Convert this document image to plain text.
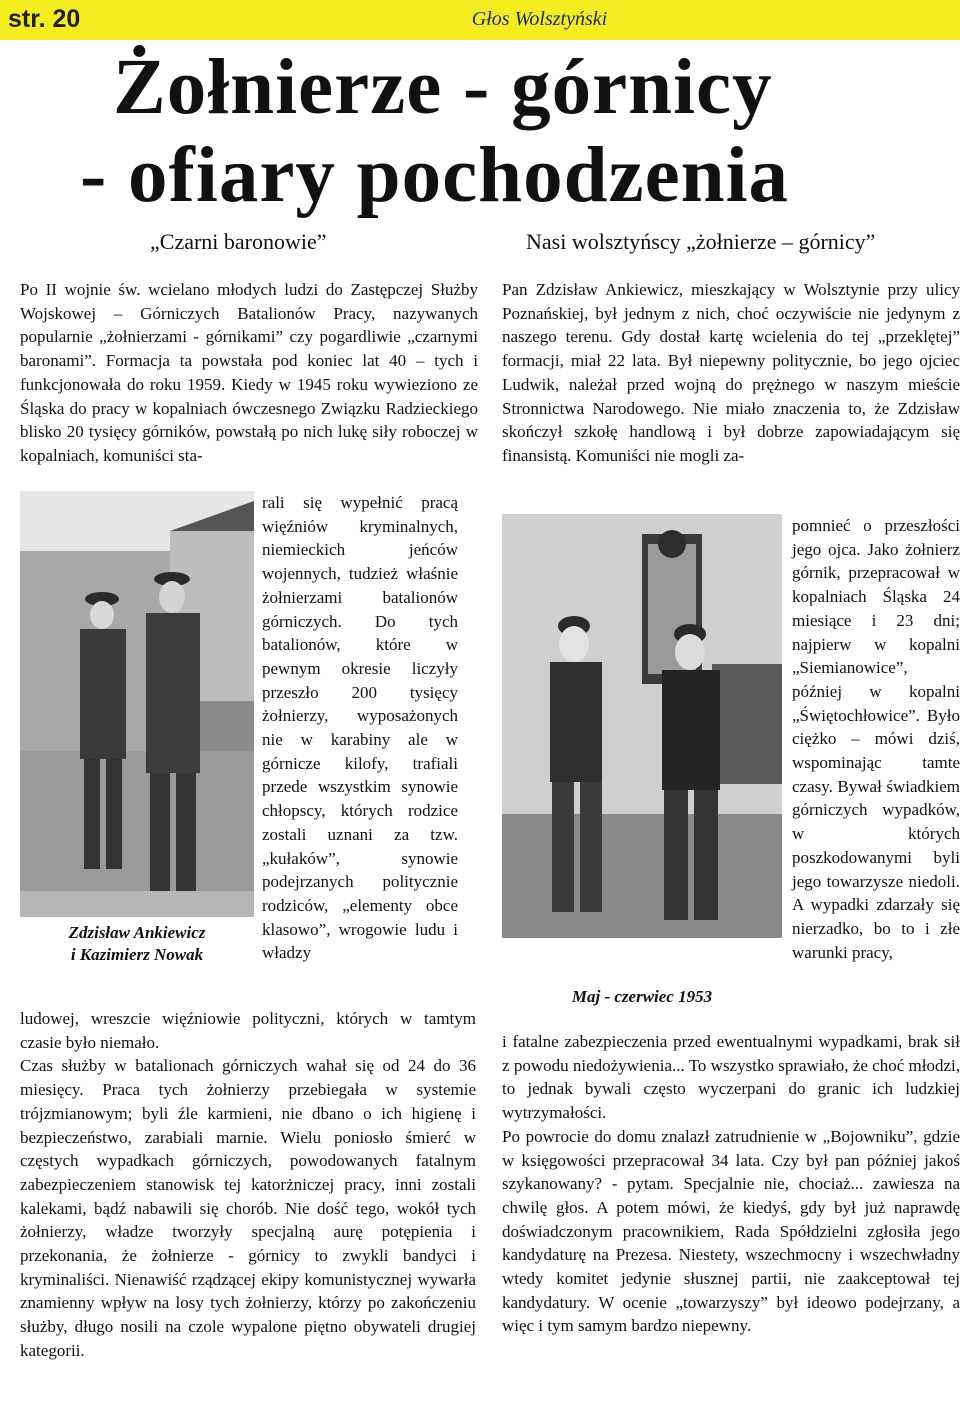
str. 20	Głos Wolsztyński
Żołnierze - górnicy
- ofiary pochodzenia
„Czarni baronowie”	Nasi wolsztyńscy „żołnierze – górnicy”

Po II wojnie św. wcielano młodych ludzi do Zastępczej Służby Wojskowej – Górniczych Batalionów Pracy, nazywanych popularnie „żołnierzami - górnikami” czy pogardliwie „czarnymi baronami”. Formacja ta powstała pod koniec lat 40 – tych i funkcjonowała do roku 1959. Kiedy w 1945 roku wywieziono ze Śląska do pracy w kopalniach ówczesnego Związku Radzieckiego blisko 20 tysięcy górników, powstałą po nich lukę siły roboczej w kopalniach, komuniści sta-

Zdzisław Ankiewicz
i Kazimierz Nowak

rali się wypełnić pracą więźniów kryminalnych, niemieckich jeńców wojennych, tudzież właśnie żołnierzami batalionów górniczych. Do tych batalionów, które w pewnym okresie liczyły przeszło 200 tysięcy żołnierzy, wyposażonych nie w karabiny ale w górnicze kilofy, trafiali przede wszystkim synowie chłopscy, których rodzice zostali uznani za tzw. „kułaków”, synowie podejrzanych politycznie rodziców, „elementy obce klasowo”, wrogowie ludu i władzy

ludowej, wreszcie więźniowie polityczni, których w tamtym czasie było niemało.

Czas służby w batalionach górniczych wahał się od 24 do 36 miesięcy. Praca tych żołnierzy przebiegała w systemie trójzmianowym; byli źle karmieni, nie dbano o ich higienę i bezpieczeństwo, zarabiali marnie. Wielu poniosło śmierć w częstych wypadkach górniczych, powodowanych fatalnym zabezpieczeniem stanowisk tej katorżniczej pracy, inni zostali kalekami, bądź nabawili się chorób. Nie dość tego, wokół tych żołnierzy, władze tworzyły specjalną aurę potępienia i przekonania, że żołnierze - górnicy to zwykli bandyci i kryminaliści. Nienawiść rządzącej ekipy komunistycznej wywarła znamienny wpływ na losy tych żołnierzy, którzy po zakończeniu służby, długo nosili na czole wypalone piętno obywateli drugiej kategorii.

Pan Zdzisław Ankiewicz, mieszkający w Wolsztynie przy ulicy Poznańskiej, był jednym z nich, choć oczywiście nie jedynym z naszego terenu. Gdy dostał kartę wcielenia do tej „przeklętej” formacji, miał 22 lata. Był niepewny politycznie, bo jego ojciec Ludwik, należał przed wojną do prężnego w naszym mieście Stronnictwa Narodowego. Nie miało znaczenia to, że Zdzisław skończył szkołę handlową i był dobrze zapowiadającym się finansistą. Komuniści nie mogli za-

Maj - czerwiec 1953

pomnieć o przeszłości jego ojca. Jako żołnierz górnik, przepracował w kopalniach Śląska 24 miesiące i 23 dni; najpierw w kopalni „Siemianowice”, później w kopalni „Świętochłowice”. Było ciężko – mówi dziś, wspominając tamte czasy. Bywał świadkiem górniczych wypadków, w których poszkodowanymi byli jego towarzysze niedoli. A wypadki zdarzały się nierzadko, bo to i złe warunki pracy,

i fatalne zabezpieczenia przed ewentualnymi wypadkami, brak sił z powodu niedożywienia... To wszystko sprawiało, że choć młodzi, to jednak bywali często wyczerpani do granic ich ludzkiej wytrzymałości.

Po powrocie do domu znalazł zatrudnienie w „Bojowniku”, gdzie w księgowości przepracował 34 lata. Czy był pan później jakoś szykanowany? - pytam. Specjalnie nie, chociaż... zawiesza na chwilę głos. A potem mówi, że kiedyś, gdy był już naprawdę doświadczonym pracownikiem, Rada Spółdzielni zgłosiła jego kandydaturę na Prezesa. Niestety, wszechmocny i wszechwładny wtedy komitet jedynie słusznej partii, nie zaakceptował tej kandydatury. W ocenie „towarzyszy” był ideowo podejrzany, a więc i tym samym bardzo niepewny.
